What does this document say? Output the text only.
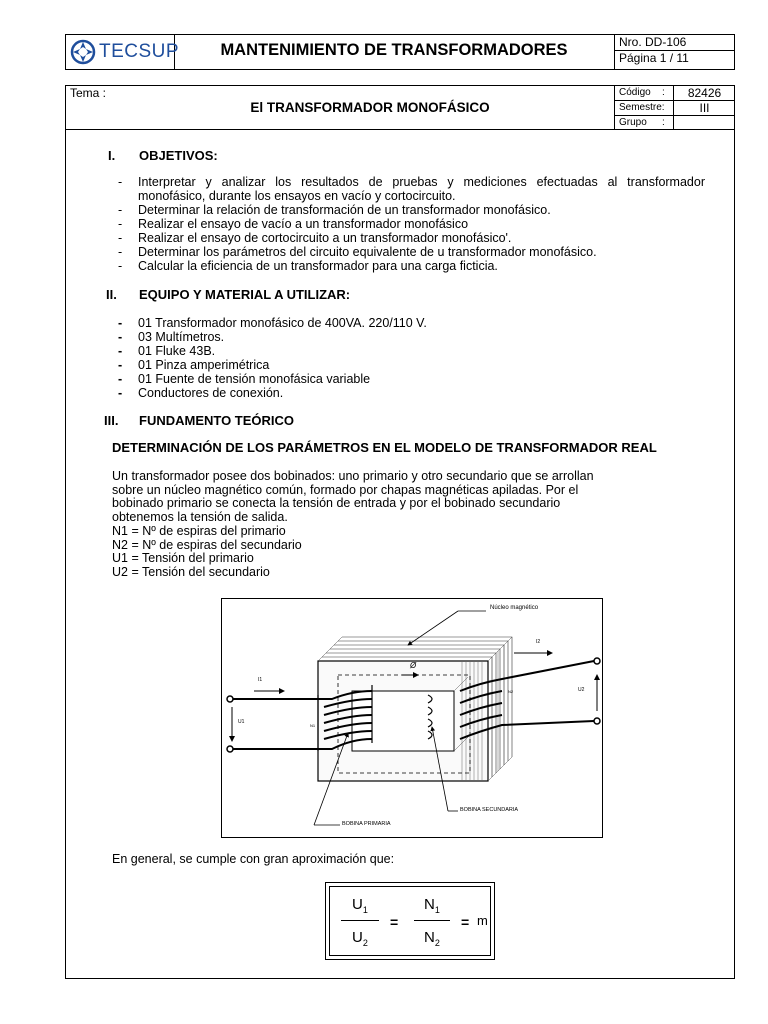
TECSUP	MANTENIMIENTO DE TRANSFORMADORES	Nro. DD-106
Página 1 / 11
Tema :
El TRANSFORMADOR MONOFÁSICO
Código :	82426
Semestre:	III
Grupo :
I. OBJETIVOS:
- Interpretar y analizar los resultados de pruebas y mediciones efectuadas al transformador monofásico, durante los ensayos en vacío y cortocircuito.
- Determinar la relación de transformación de un transformador monofásico.
- Realizar el ensayo de vacío a un transformador monofásico
- Realizar el ensayo de cortocircuito a un transformador monofásico'.
- Determinar los parámetros del circuito equivalente de u transformador monofásico.
- Calcular la eficiencia de un transformador para una carga ficticia.
II. EQUIPO Y MATERIAL A UTILIZAR:
- 01 Transformador monofásico de 400VA. 220/110 V.
- 03 Multímetros.
- 01 Fluke 43B.
- 01 Pinza amperimétrica
- 01 Fuente de tensión monofásica variable
- Conductores de conexión.
III. FUNDAMENTO TEÓRICO
DETERMINACIÓN DE LOS PARÁMETROS EN EL MODELO DE TRANSFORMADOR REAL
Un transformador posee dos bobinados: uno primario y otro secundario que se arrollan sobre un núcleo magnético común, formado por chapas magnéticas apiladas. Por el bobinado primario se conecta la tensión de entrada y por el bobinado secundario obtenemos la tensión de salida.
N1 = Nº de espiras del primario
N2 = Nº de espiras del secundario
U1 = Tensión del primario
U2 = Tensión del secundario
Núcleo magnético
Ø
I1
I2
U1
U2
N1
N2
BOBINA PRIMARIA
BOBINA SECUNDARIA
En general, se cumple con gran aproximación que:
$U_1$
$U_2$
=
$N_1$
$N_2$
= m
